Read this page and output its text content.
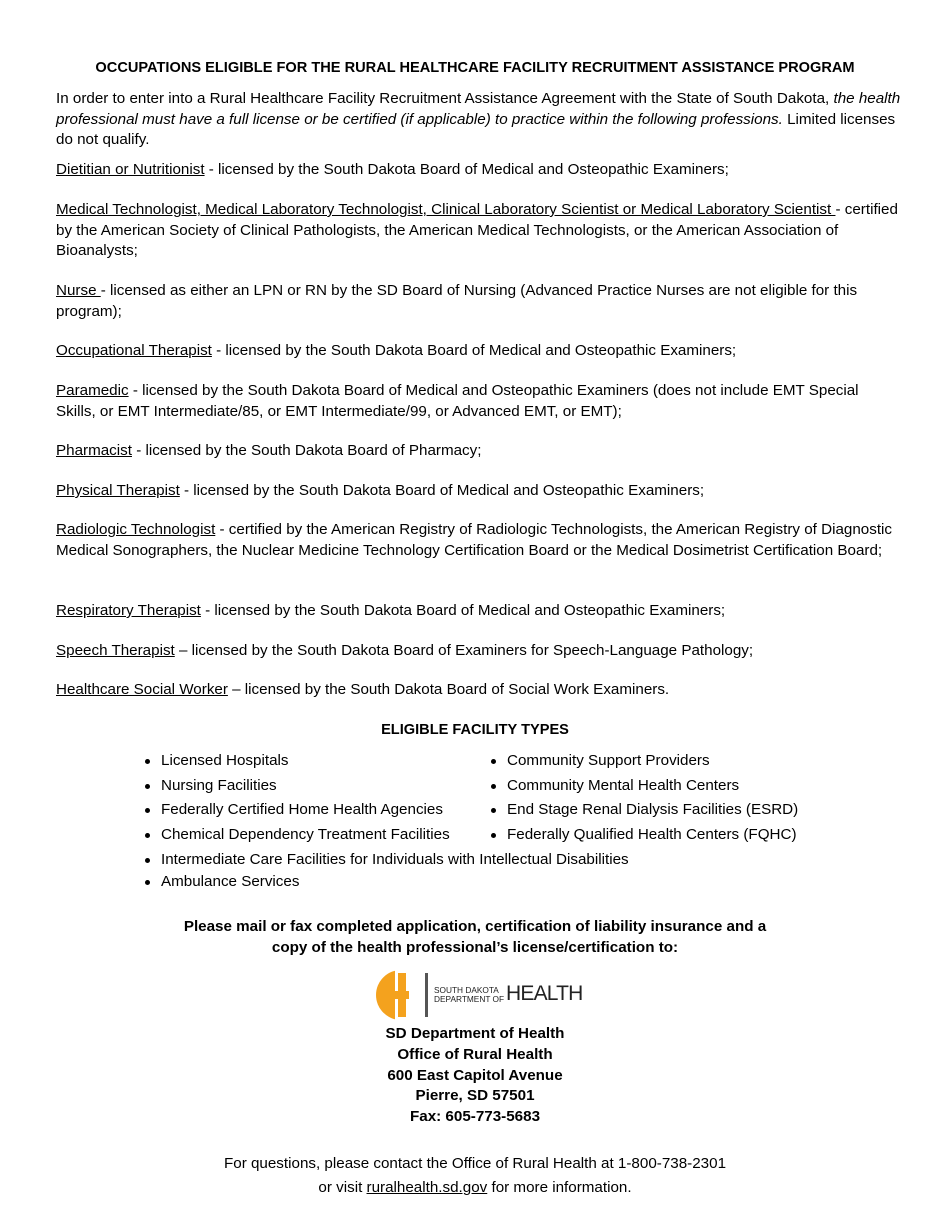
OCCUPATIONS ELIGIBLE FOR THE RURAL HEALTHCARE FACILITY RECRUITMENT ASSISTANCE PROGRAM
In order to enter into a Rural Healthcare Facility Recruitment Assistance Agreement with the State of South Dakota, the health professional must have a full license or be certified (if applicable) to practice within the following professions. Limited licenses do not qualify.
Dietitian or Nutritionist - licensed by the South Dakota Board of Medical and Osteopathic Examiners;
Medical Technologist, Medical Laboratory Technologist, Clinical Laboratory Scientist or Medical Laboratory Scientist - certified by the American Society of Clinical Pathologists, the American Medical Technologists, or the American Association of Bioanalysts;
Nurse - licensed as either an LPN or RN by the SD Board of Nursing (Advanced Practice Nurses are not eligible for this program);
Occupational Therapist - licensed by the South Dakota Board of Medical and Osteopathic Examiners;
Paramedic - licensed by the South Dakota Board of Medical and Osteopathic Examiners (does not include EMT Special Skills, or EMT Intermediate/85, or EMT Intermediate/99, or Advanced EMT, or EMT);
Pharmacist - licensed by the South Dakota Board of Pharmacy;
Physical Therapist - licensed by the South Dakota Board of Medical and Osteopathic Examiners;
Radiologic Technologist - certified by the American Registry of Radiologic Technologists, the American Registry of Diagnostic Medical Sonographers, the Nuclear Medicine Technology Certification Board or the Medical Dosimetrist Certification Board;
Respiratory Therapist - licensed by the South Dakota Board of Medical and Osteopathic Examiners;
Speech Therapist – licensed by the South Dakota Board of Examiners for Speech-Language Pathology;
Healthcare Social Worker – licensed by the South Dakota Board of Social Work Examiners.
ELIGIBLE FACILITY TYPES
Licensed Hospitals	Community Support Providers
Nursing Facilities	Community Mental Health Centers
Federally Certified Home Health Agencies	End Stage Renal Dialysis Facilities (ESRD)
Chemical Dependency Treatment Facilities	Federally Qualified Health Centers (FQHC)
Intermediate Care Facilities for Individuals with Intellectual Disabilities
Ambulance Services
Please mail or fax completed application, certification of liability insurance and a
copy of the health professional’s license/certification to:
SOUTH DAKOTA
DEPARTMENT OF HEALTH
SD Department of Health
Office of Rural Health
600 East Capitol Avenue
Pierre, SD 57501
Fax: 605-773-5683
For questions, please contact the Office of Rural Health at 1-800-738-2301
or visit ruralhealth.sd.gov for more information.
